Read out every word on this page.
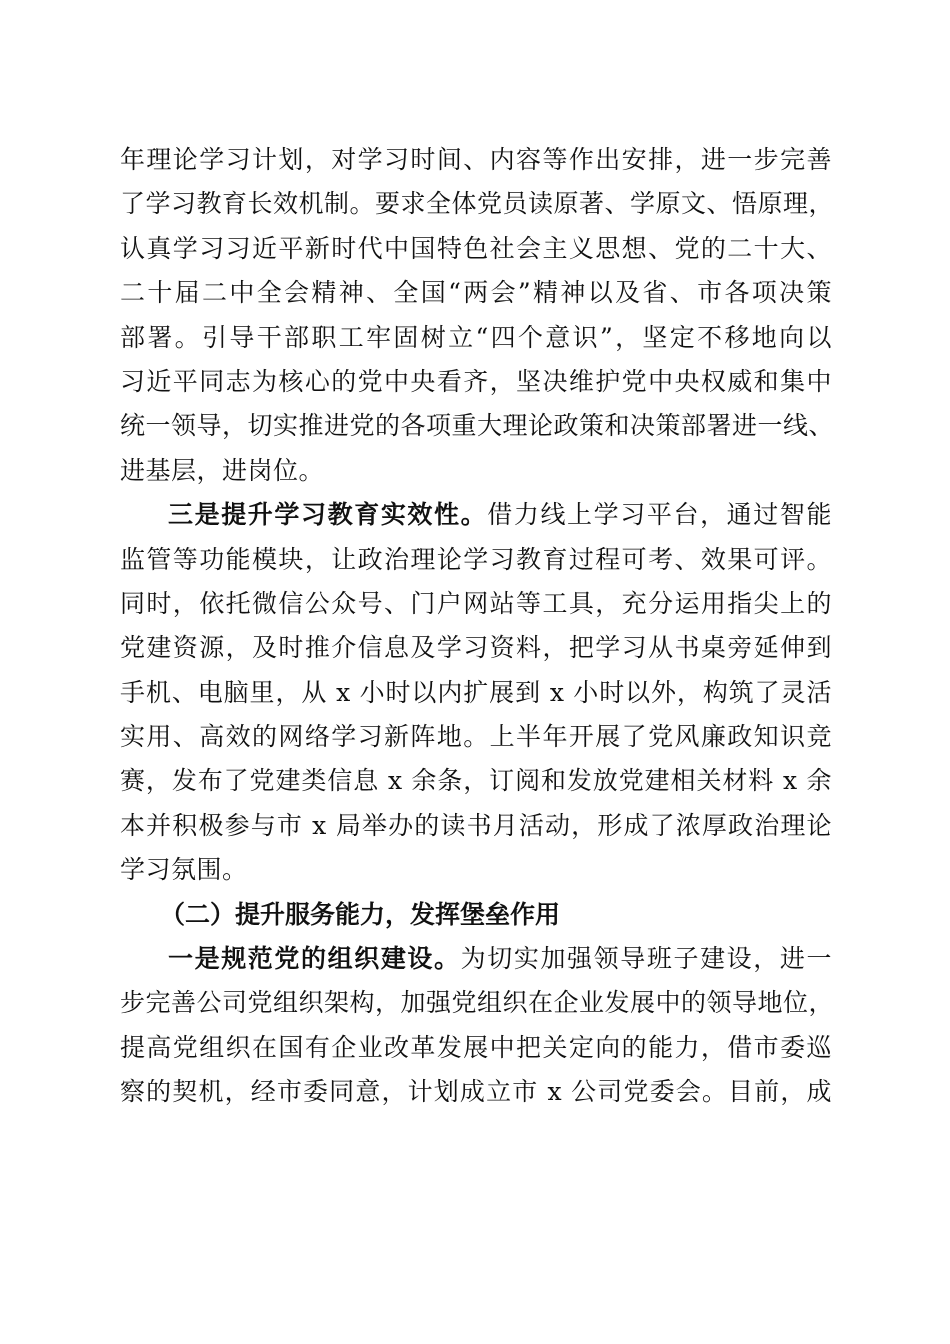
年理论学习计划，对学习时间、内容等作出安排，进一步完善
了学习教育长效机制。要求全体党员读原著、学原文、悟原理，
认真学习习近平新时代中国特色社会主义思想、党的二十大、
二十届二中全会精神、全国“两会”精神以及省、市各项决策
部署。引导干部职工牢固树立“四个意识”，坚定不移地向以
习近平同志为核心的党中央看齐，坚决维护党中央权威和集中
统一领导，切实推进党的各项重大理论政策和决策部署进一线、
进基层，进岗位。
三是提升学习教育实效性。借力线上学习平台，通过智能
监管等功能模块，让政治理论学习教育过程可考、效果可评。
同时，依托微信公众号、门户网站等工具，充分运用指尖上的
党建资源，及时推介信息及学习资料，把学习从书桌旁延伸到
手机、电脑里，从 x 小时以内扩展到 x 小时以外，构筑了灵活
实用、高效的网络学习新阵地。上半年开展了党风廉政知识竞
赛，发布了党建类信息 x 余条，订阅和发放党建相关材料 x 余
本并积极参与市 x 局举办的读书月活动，形成了浓厚政治理论
学习氛围。
（二）提升服务能力，发挥堡垒作用
一是规范党的组织建设。为切实加强领导班子建设，进一
步完善公司党组织架构，加强党组织在企业发展中的领导地位，
提高党组织在国有企业改革发展中把关定向的能力，借市委巡
察的契机，经市委同意，计划成立市 x 公司党委会。目前，成
